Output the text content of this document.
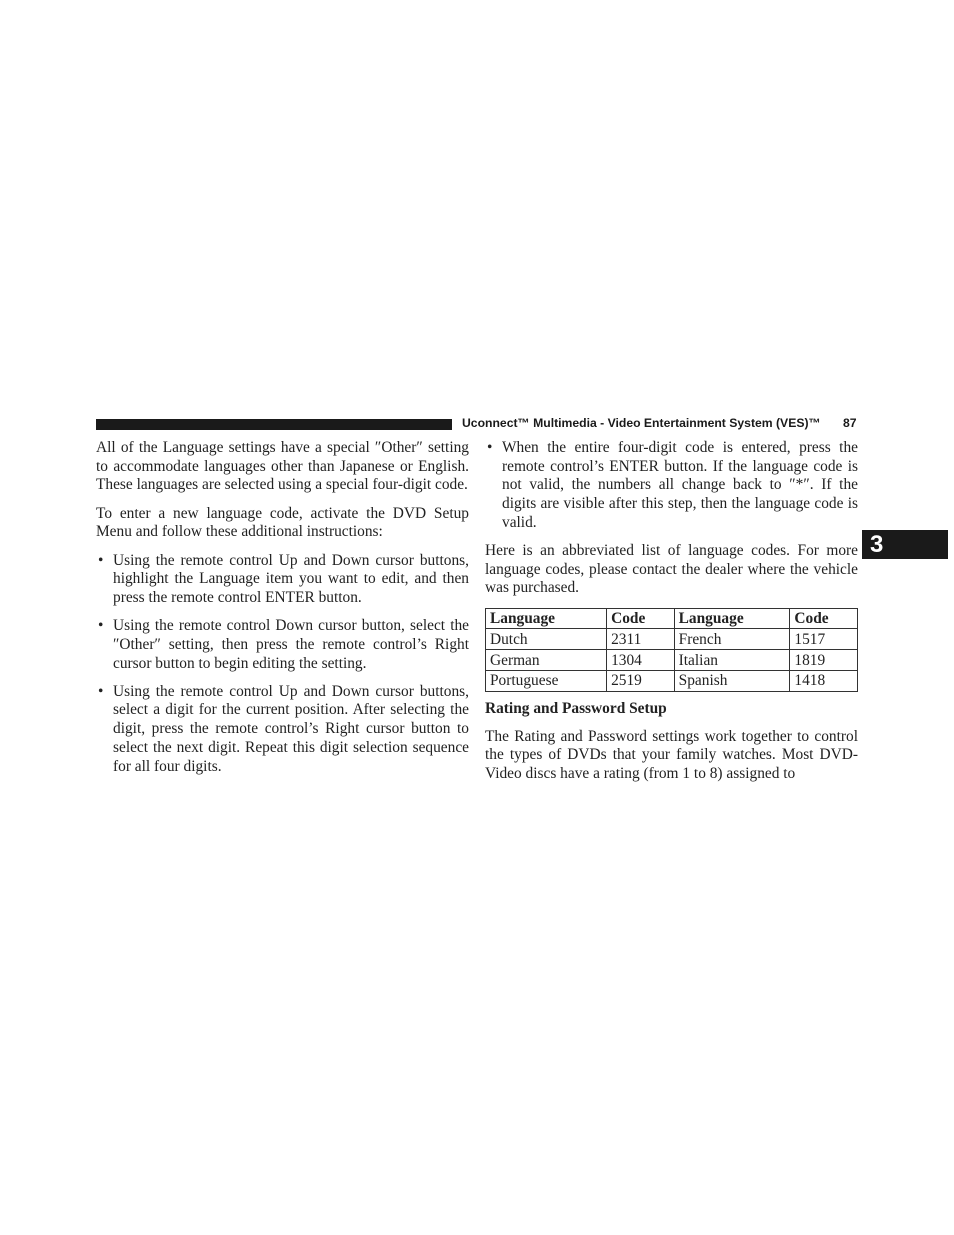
Uconnect™ Multimedia - Video Entertainment System (VES)™ 87
3

All of the Language settings have a special ″Other″ setting to accommodate languages other than Japanese or English. These languages are selected using a special four-digit code.

To enter a new language code, activate the DVD Setup Menu and follow these additional instructions:

• Using the remote control Up and Down cursor buttons, highlight the Language item you want to edit, and then press the remote control ENTER button.
• Using the remote control Down cursor button, select the ″Other″ setting, then press the remote control’s Right cursor button to begin editing the setting.
• Using the remote control Up and Down cursor buttons, select a digit for the current position. After selecting the digit, press the remote control’s Right cursor button to select the next digit. Repeat this digit selection sequence for all four digits.
• When the entire four-digit code is entered, press the remote control’s ENTER button. If the language code is not valid, the numbers all change back to ″*″. If the digits are visible after this step, then the language code is valid.

Here is an abbreviated list of language codes. For more language codes, please contact the dealer where the vehicle was purchased.

Language	Code	Language	Code
Dutch	2311	French	1517
German	1304	Italian	1819
Portuguese	2519	Spanish	1418

Rating and Password Setup

The Rating and Password settings work together to control the types of DVDs that your family watches. Most DVD-Video discs have a rating (from 1 to 8) assigned to
